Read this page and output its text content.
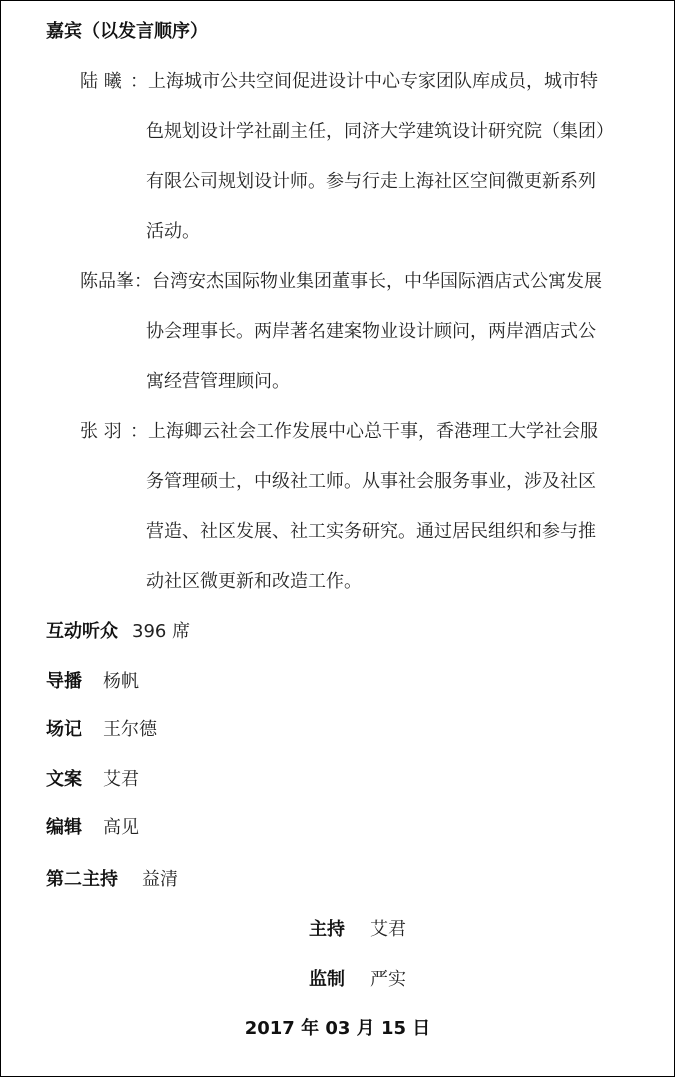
嘉宾（以发言顺序）
陆 曦 ：上海城市公共空间促进设计中心专家团队库成员，城市特
色规划设计学社副主任，同济大学建筑设计研究院（集团）
有限公司规划设计师。参与行走上海社区空间微更新系列
活动。
陈品峯 ：台湾安杰国际物业集团董事长，中华国际酒店式公寓发展
协会理事长。两岸著名建案物业设计顾问，两岸酒店式公
寓经营管理顾问。
张 羽 ：上海卿云社会工作发展中心总干事，香港理工大学社会服
务管理硕士，中级社工师。从事社会服务事业，涉及社区
营造、社区发展、社工实务研究。通过居民组织和参与推
动社区微更新和改造工作。
互动听众 396 席
导播 杨帆
场记 王尔德
文案 艾君
编辑 高见
第二主持 益清
主持 艾君
监制 严实
2017 年 03 月 15 日
